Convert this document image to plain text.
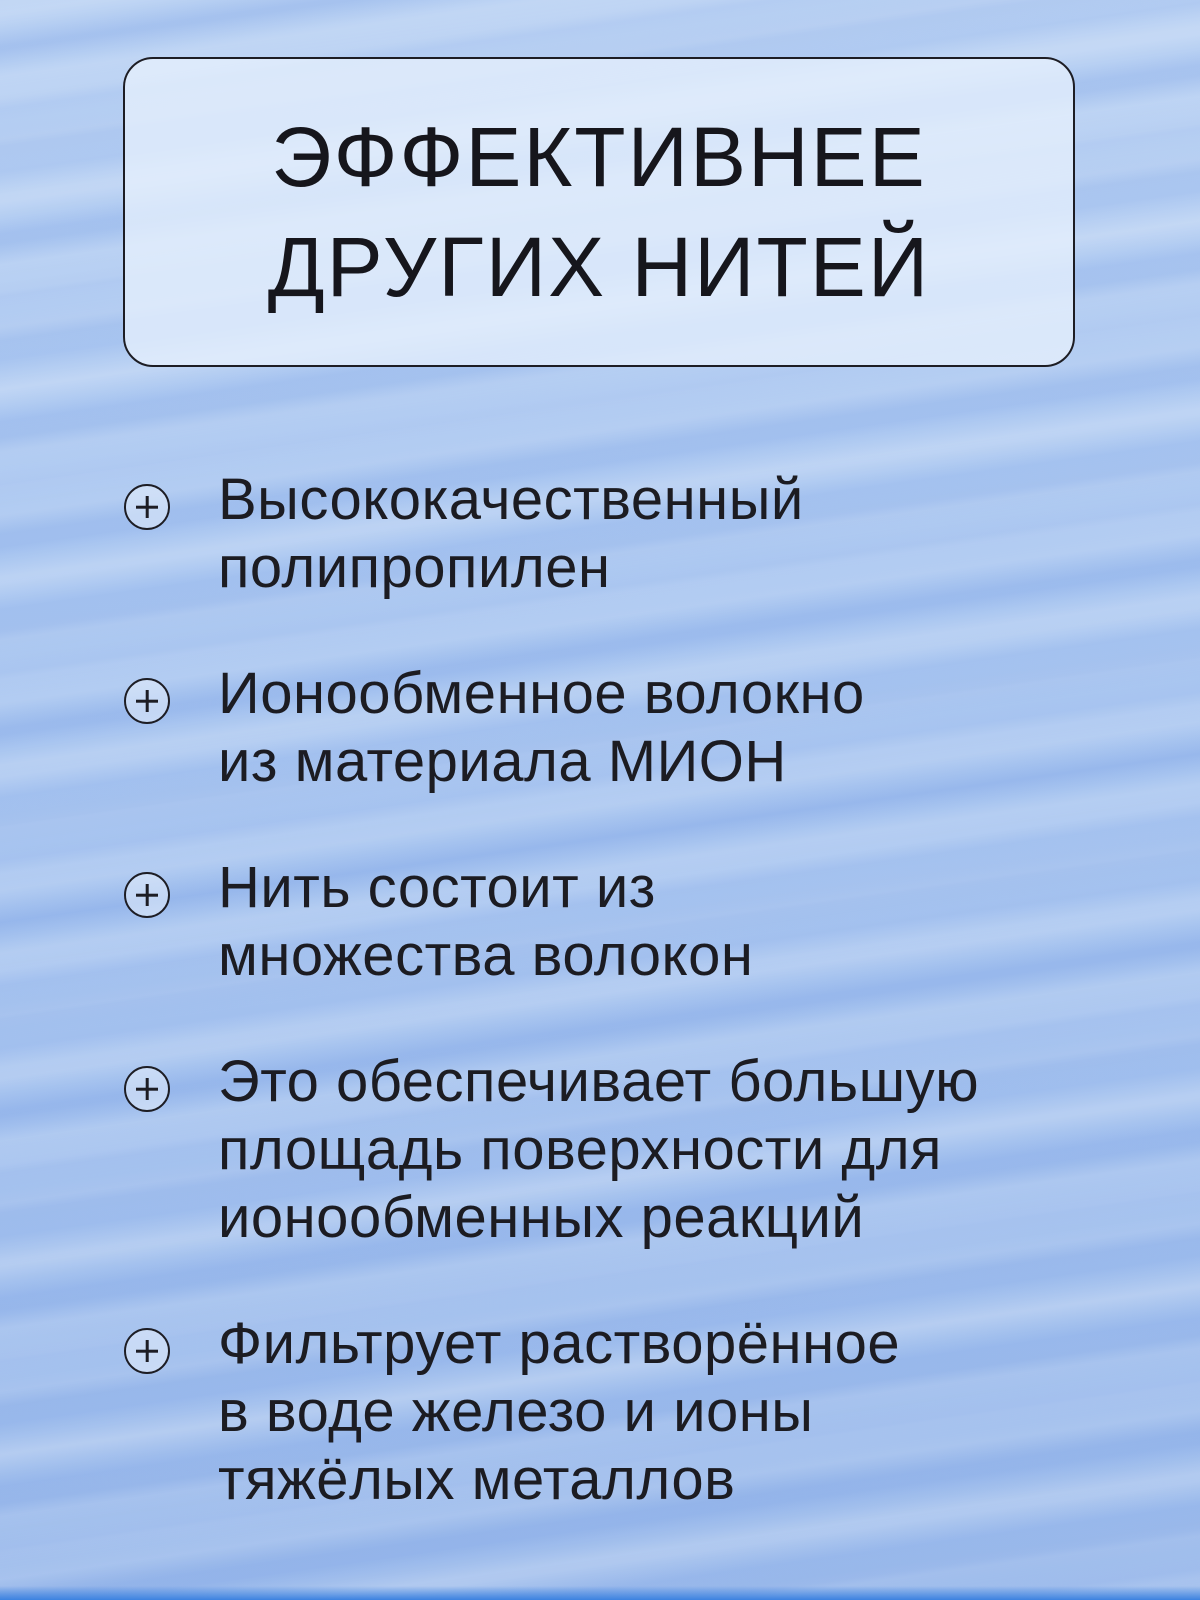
ЭФФЕКТИВНЕЕ
ДРУГИХ НИТЕЙ
Высококачественный
полипропилен
Ионообменное волокно
из материала МИОН
Нить состоит из
множества волокон
Это обеспечивает большую
площадь поверхности для
ионообменных реакций
Фильтрует растворённое
в воде железо и ионы
тяжёлых металлов
